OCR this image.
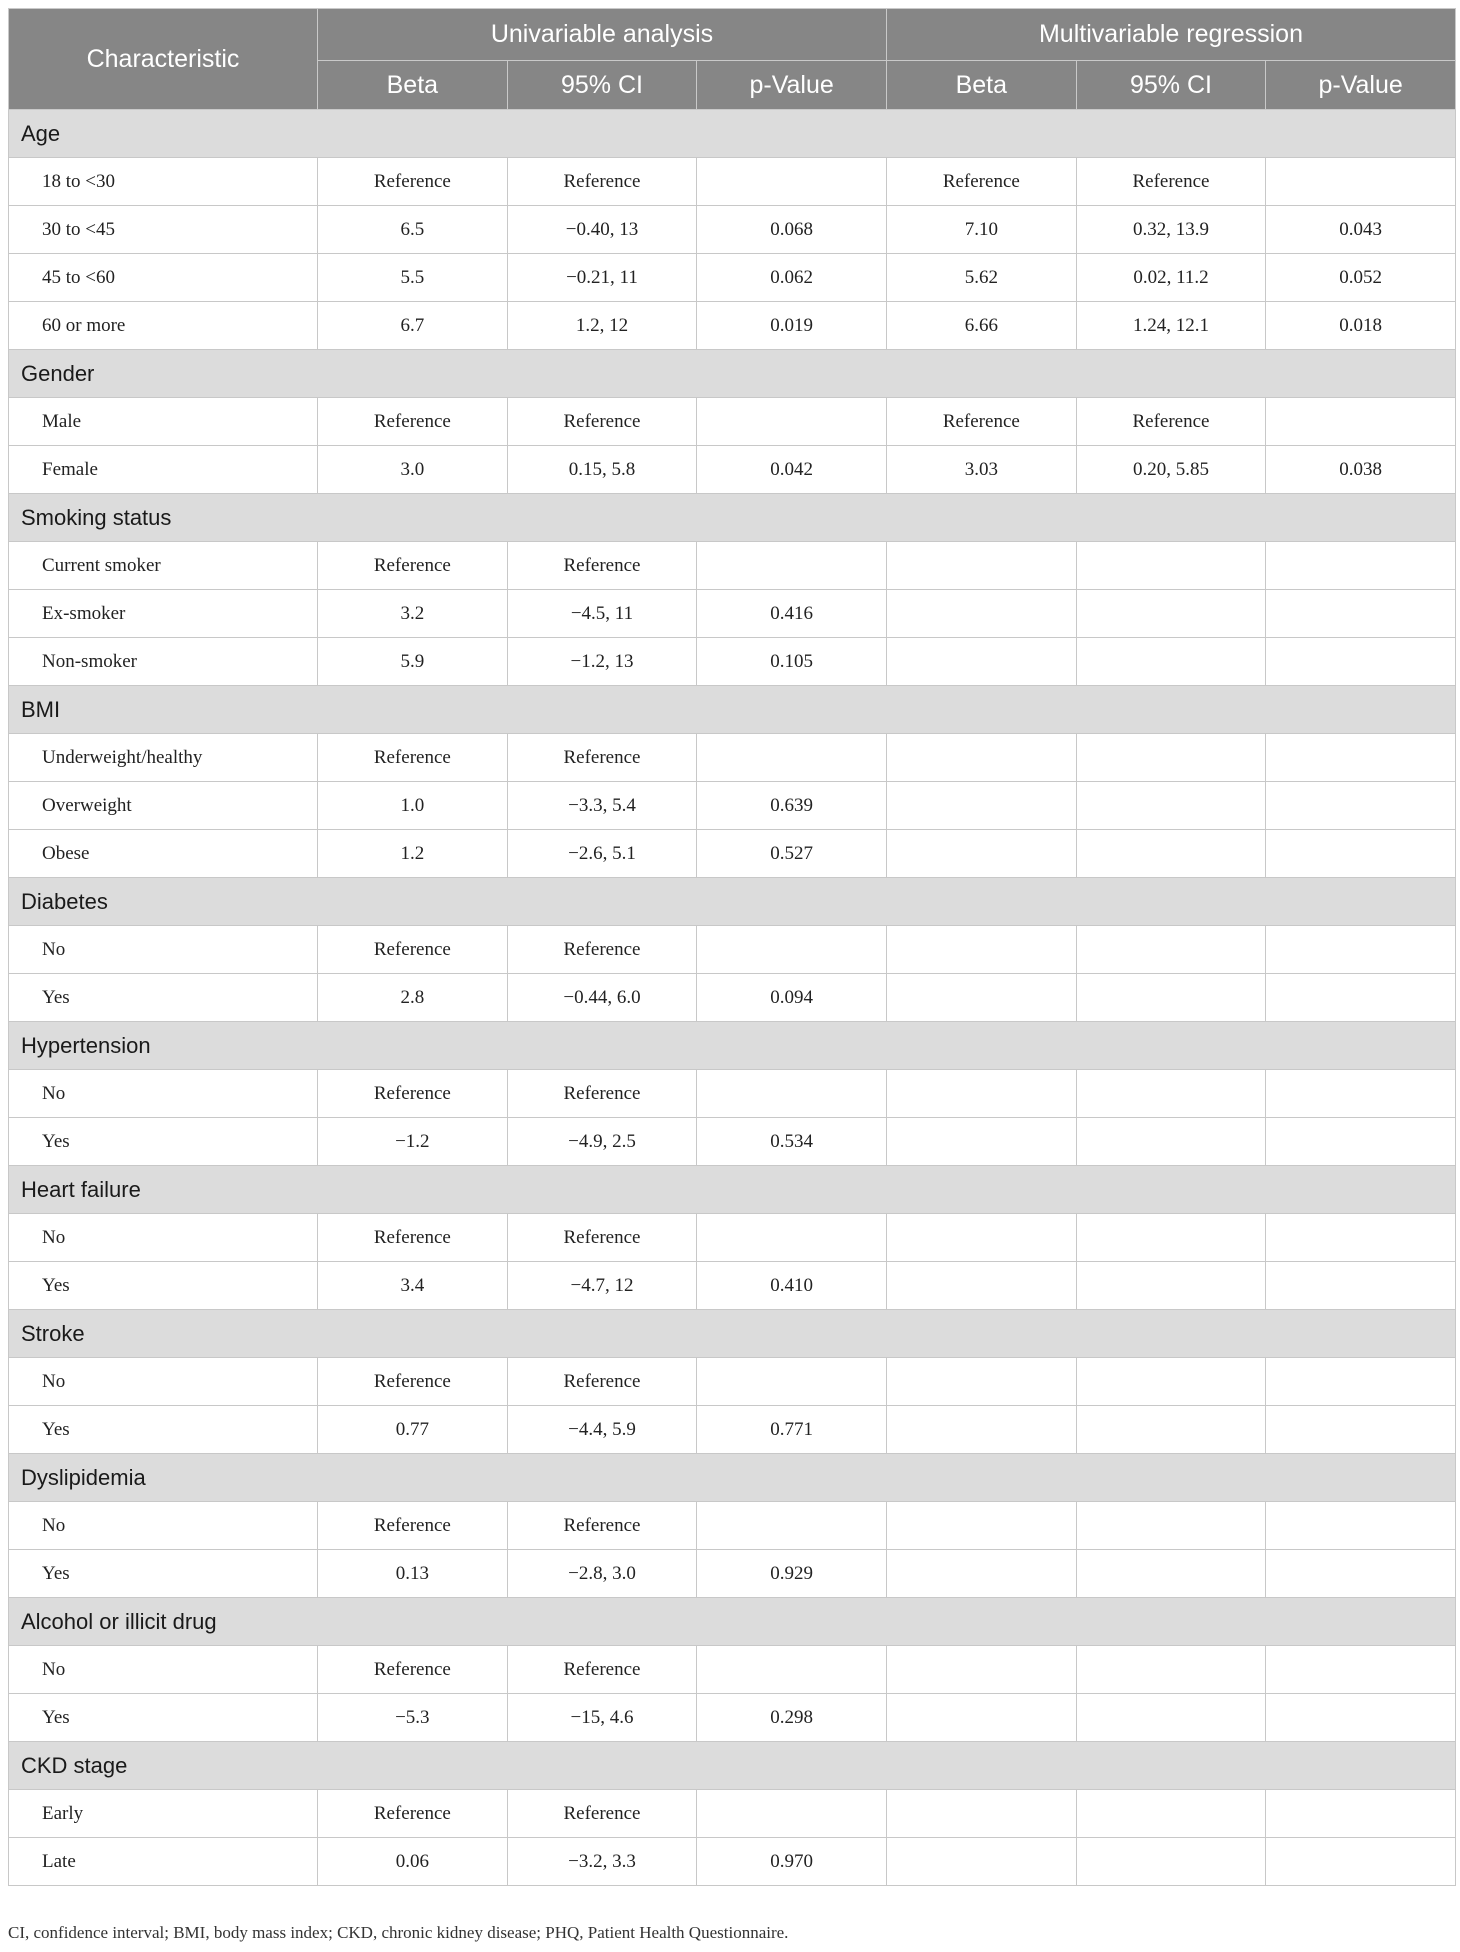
Characteristic	Univariable analysis			Multivariable regression		
	Beta	95% CI	p-Value	Beta	95% CI	p-Value
Age						
18 to <30	Reference	Reference		Reference	Reference	
30 to <45	6.5	−0.40, 13	0.068	7.10	0.32, 13.9	0.043
45 to <60	5.5	−0.21, 11	0.062	5.62	0.02, 11.2	0.052
60 or more	6.7	1.2, 12	0.019	6.66	1.24, 12.1	0.018
Gender						
Male	Reference	Reference		Reference	Reference	
Female	3.0	0.15, 5.8	0.042	3.03	0.20, 5.85	0.038
Smoking status						
Current smoker	Reference	Reference				
Ex-smoker	3.2	−4.5, 11	0.416			
Non-smoker	5.9	−1.2, 13	0.105			
BMI						
Underweight/healthy	Reference	Reference				
Overweight	1.0	−3.3, 5.4	0.639			
Obese	1.2	−2.6, 5.1	0.527			
Diabetes						
No	Reference	Reference				
Yes	2.8	−0.44, 6.0	0.094			
Hypertension						
No	Reference	Reference				
Yes	−1.2	−4.9, 2.5	0.534			
Heart failure						
No	Reference	Reference				
Yes	3.4	−4.7, 12	0.410			
Stroke						
No	Reference	Reference				
Yes	0.77	−4.4, 5.9	0.771			
Dyslipidemia						
No	Reference	Reference				
Yes	0.13	−2.8, 3.0	0.929			
Alcohol or illicit drug						
No	Reference	Reference				
Yes	−5.3	−15, 4.6	0.298			
CKD stage						
Early	Reference	Reference				
Late	0.06	−3.2, 3.3	0.970			
CI, confidence interval; BMI, body mass index; CKD, chronic kidney disease; PHQ, Patient Health Questionnaire.
